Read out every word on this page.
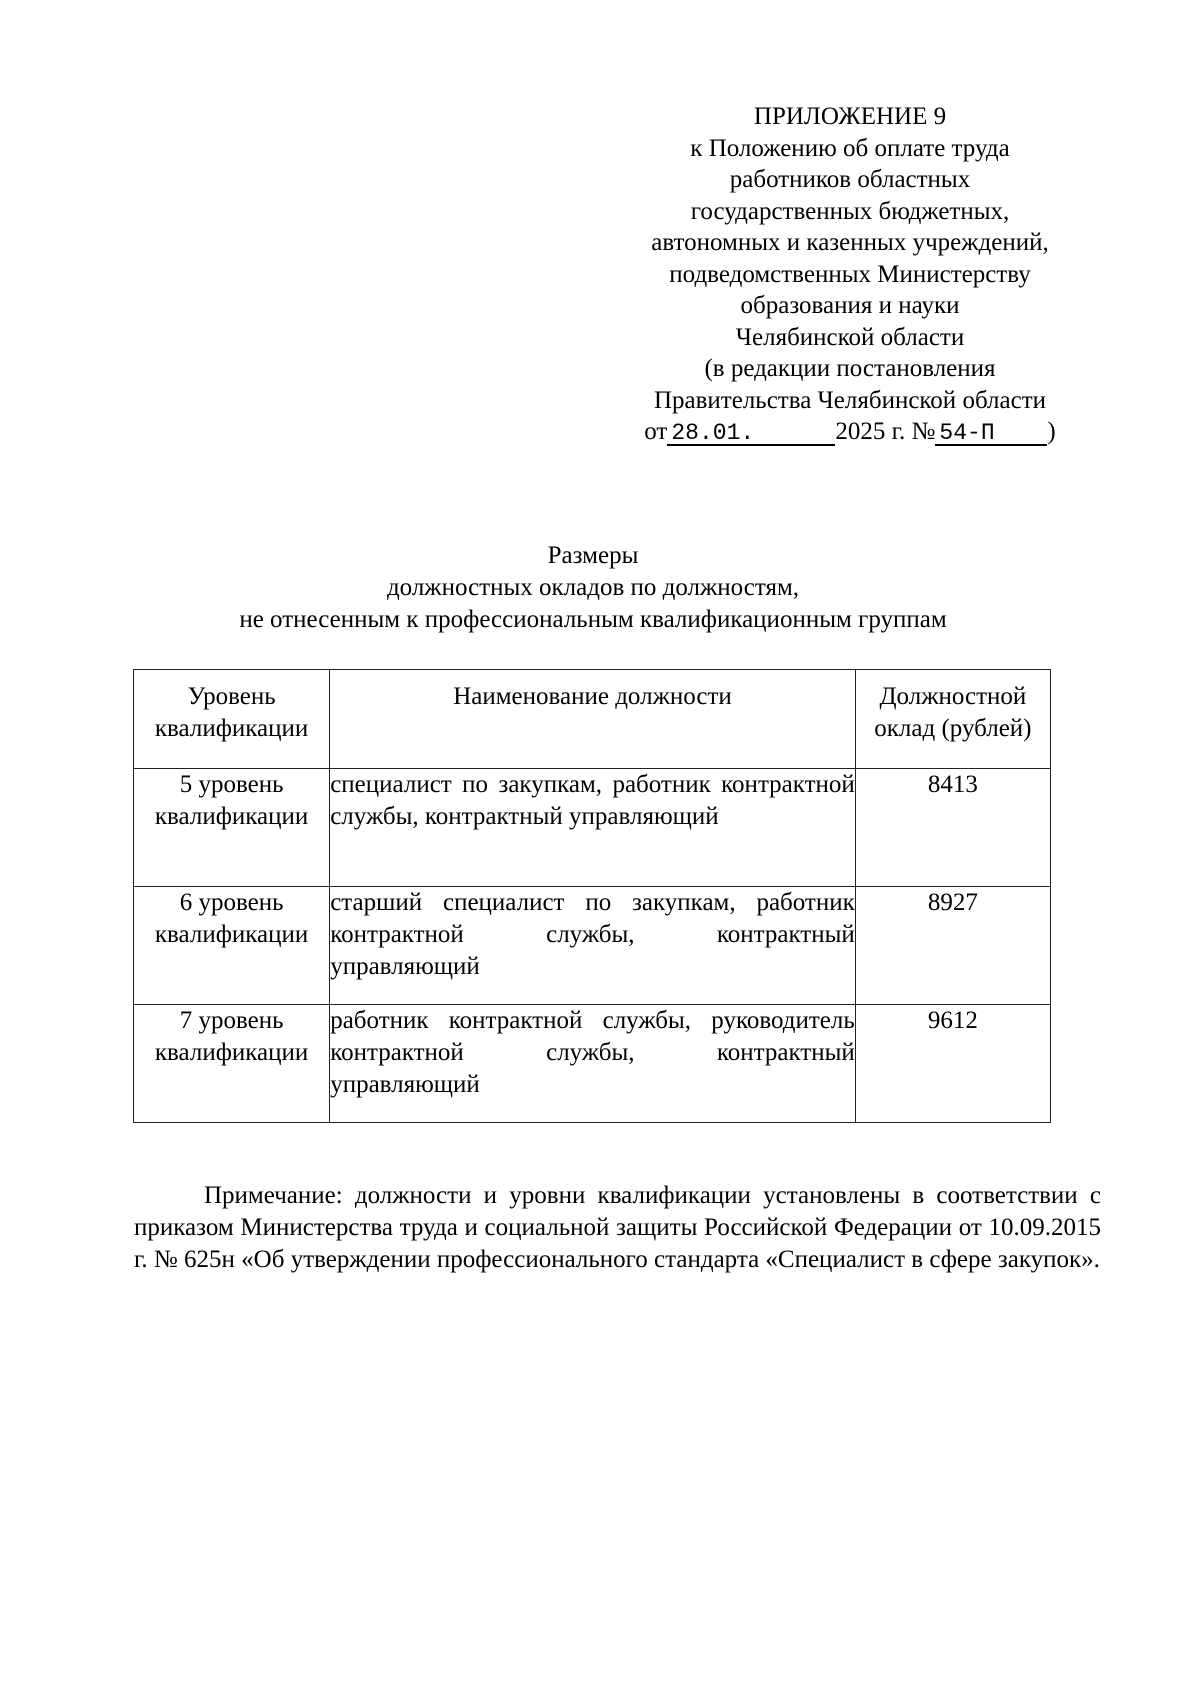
ПРИЛОЖЕНИЕ 9
к Положению об оплате труда
работников областных
государственных бюджетных,
автономных и казенных учреждений,
подведомственных Министерству
образования и науки
Челябинской области
(в редакции постановления
Правительства Челябинской области
от 28.01.	2025 г. № 54-П )
Размеры
должностных окладов по должностям,
не отнесенным к профессиональным квалификационным группам
Уровень квалификации	Наименование должности	Должностной оклад (рублей)
5 уровень квалификации	специалист по закупкам, работник контрактной службы, контрактный управляющий	8413
6 уровень квалификации	старший специалист по закупкам, работник контрактной службы, контрактный управляющий	8927
7 уровень квалификации	работник контрактной службы, руководитель контрактной службы, контрактный управляющий	9612
Примечание: должности и уровни квалификации установлены в соответствии с приказом Министерства труда и социальной защиты Российской Федерации от 10.09.2015 г. № 625н «Об утверждении профессионального стандарта «Специалист в сфере закупок».
